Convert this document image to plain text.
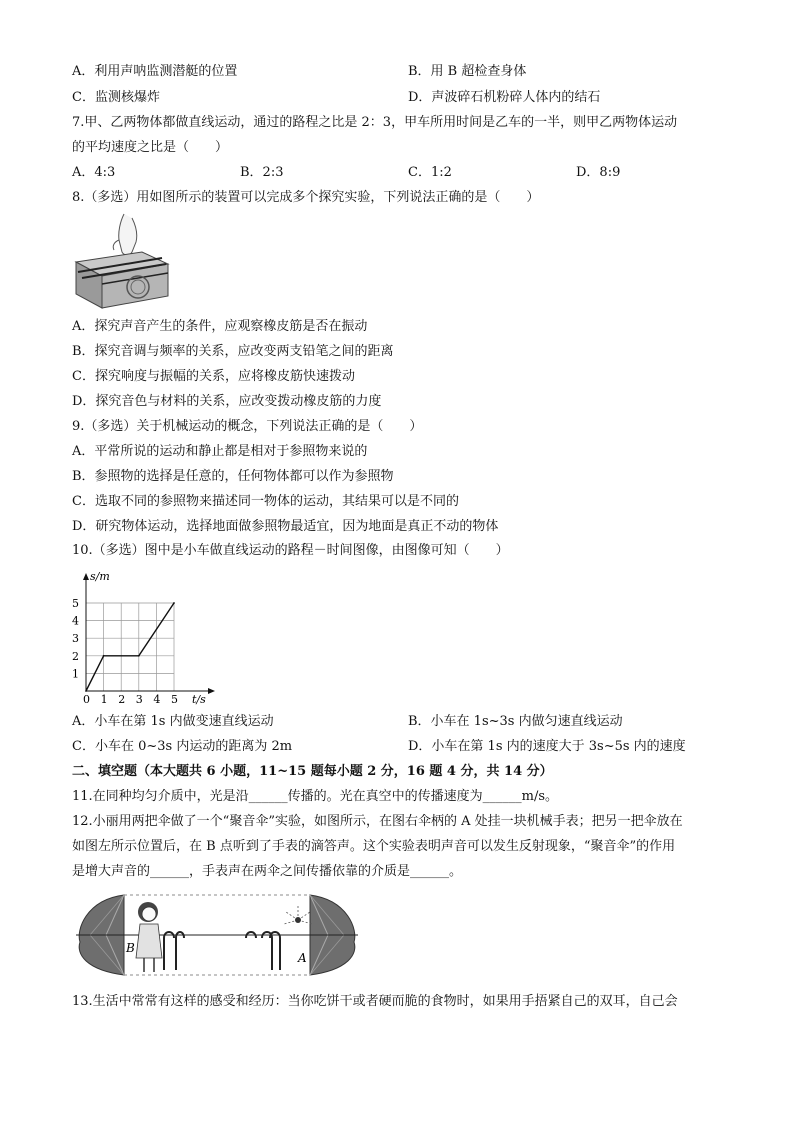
A．利用声呐监测潜艇的位置	B．用 B 超检查身体
C．监测核爆炸	D．声波碎石机粉碎人体内的结石
7.甲、乙两物体都做直线运动，通过的路程之比是 2：3，甲车所用时间是乙车的一半，则甲乙两物体运动
的平均速度之比是（　　）
A．4:3	B．2:3	C．1:2	D．8:9
8.（多选）用如图所示的装置可以完成多个探究实验，下列说法正确的是（　　）
A．探究声音产生的条件，应观察橡皮筋是否在振动
B．探究音调与频率的关系，应改变两支铅笔之间的距离
C．探究响度与振幅的关系，应将橡皮筋快速拨动
D．探究音色与材料的关系，应改变拨动橡皮筋的力度
9.（多选）关于机械运动的概念，下列说法正确的是（　　）
A．平常所说的运动和静止都是相对于参照物来说的
B．参照物的选择是任意的，任何物体都可以作为参照物
C．选取不同的参照物来描述同一物体的运动，其结果可以是不同的
D．研究物体运动，选择地面做参照物最适宜，因为地面是真正不动的物体
10.（多选）图中是小车做直线运动的路程－时间图像，由图像可知（　　）
0 1 2 3 4 5
1
2
3
4
5
s/m
t/s
A．小车在第 1s 内做变速直线运动	B．小车在 1s~3s 内做匀速直线运动
C．小车在 0~3s 内运动的距离为 2m	D．小车在第 1s 内的速度大于 3s~5s 内的速度
二、填空题（本大题共 6 小题，11~15 题每小题 2 分，16 题 4 分，共 14 分）
11.在同种均匀介质中，光是沿______传播的。光在真空中的传播速度为______m/s。
12.小丽用两把伞做了一个“聚音伞”实验，如图所示，在图右伞柄的 A 处挂一块机械手表；把另一把伞放在
如图左所示位置后，在 B 点听到了手表的滴答声。这个实验表明声音可以发生反射现象，“聚音伞”的作用
是增大声音的______，手表声在两伞之间传播依靠的介质是______。
B
A
13.生活中常常有这样的感受和经历：当你吃饼干或者硬而脆的食物时，如果用手捂紧自己的双耳，自己会
